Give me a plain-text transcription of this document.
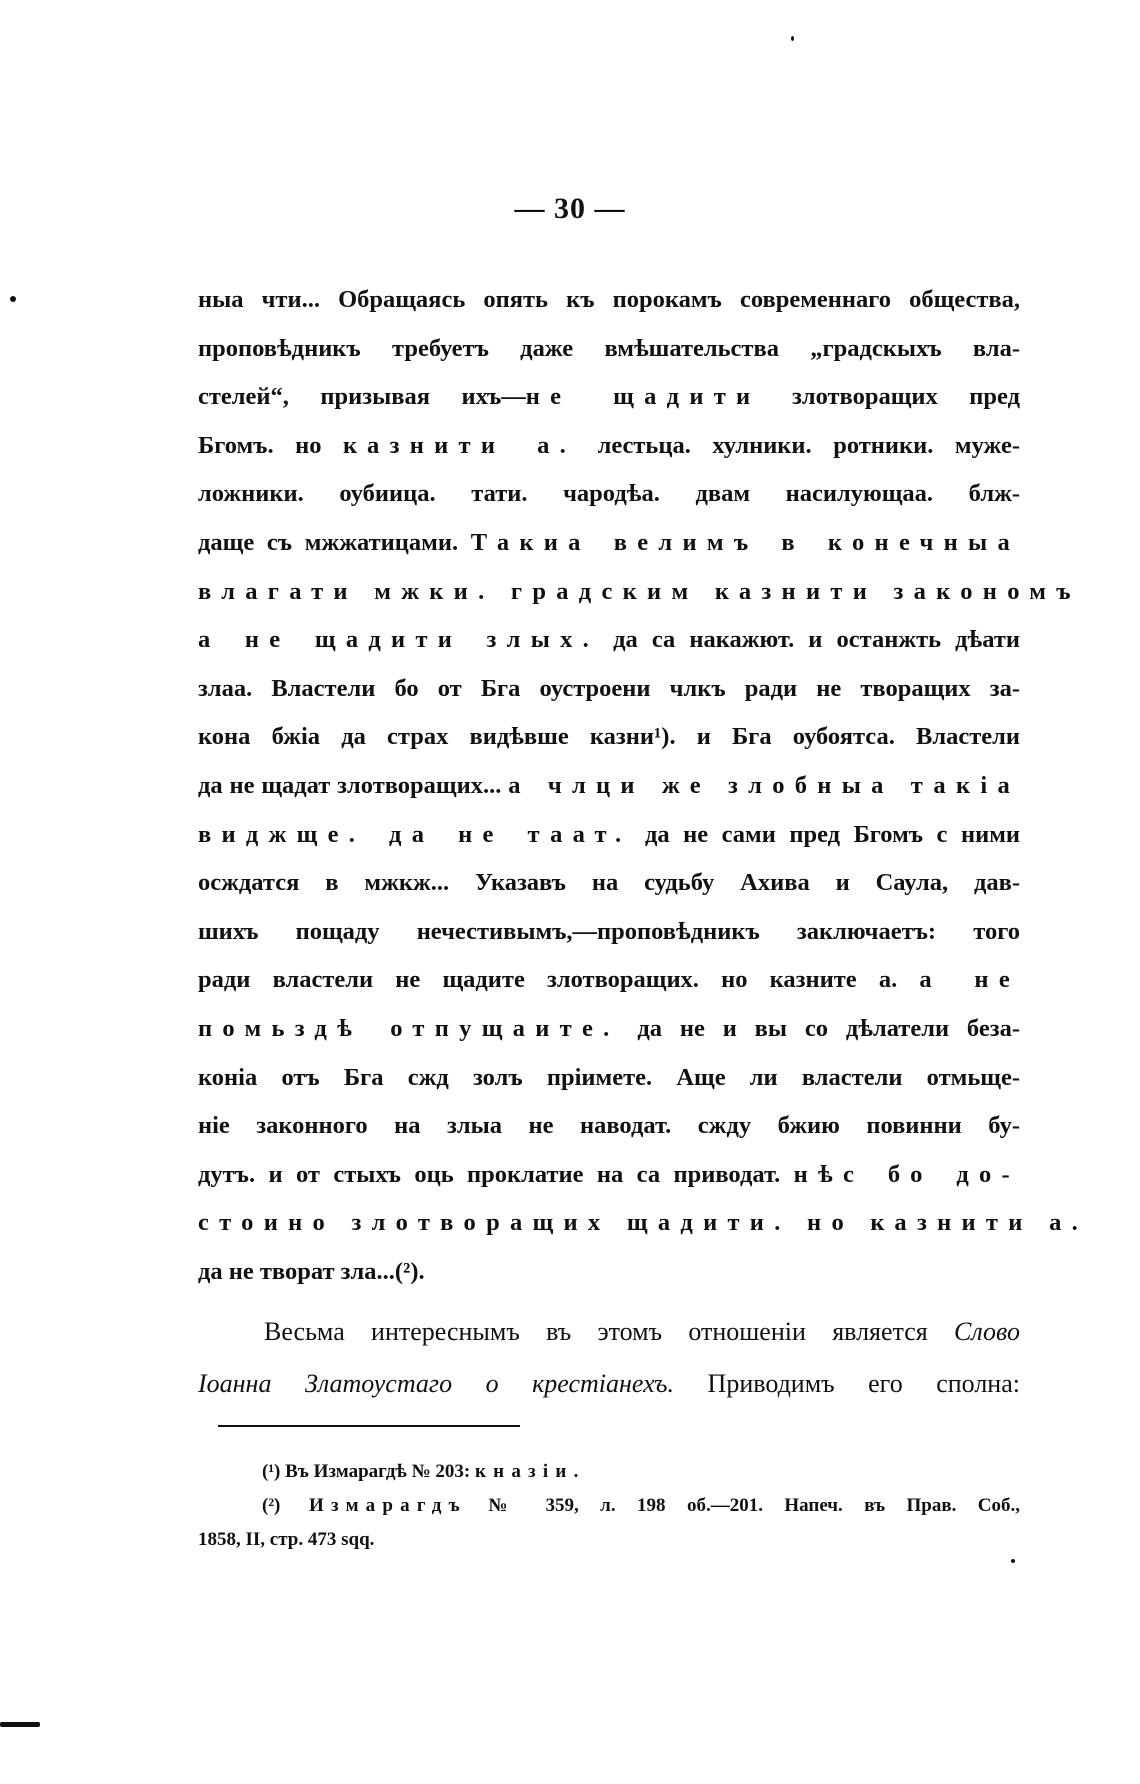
— 30 —
ныа чти... Обращаясь опять къ порокамъ современнаго общества,
проповѣдникъ требуетъ даже вмѣшательства „градскыхъ вла-
стелей“, призывая ихъ—не щадити злотворащих пред
Бгомъ. но казнити а. лестьца. хулники. ротники. муже-
ложники. оубиица. тати. чародѣа. двам насилующаа. блж-
даще съ мжжатицами. Такиа велимъ в конечныа
влагати мжки. градским казнити закономъ
а не щадити злых. да са накажют. и останжть дѣати
злаа. Властели бо от Бга оустроени члкъ ради не творащих за-
кона бжіа да страх видѣвше казни¹). и Бга оубоятса. Властели
да не щадат злотворащих... а члци же злобныа такіа
виджще. да не таат. да не сами пред Бгомъ с ними
осждатся в мжкж... Указавъ на судьбу Ахива и Саула, дав-
шихъ пощаду нечестивымъ,—проповѣдникъ заключаетъ: того
ради властели не щадите злотворащих. но казните а. а не
помьздѣ отпущаите. да не и вы со дѣлатели безa-
коніа отъ Бга сжд золъ пріимете. Аще ли властели отмьще-
ніе законного на злыа не наводат. сжду бжию повинни бу-
дутъ. и от стыхъ оць проклатие на са приводат. нѣс бо до-
стоино злотворащих щадити. но казнити а.
да не творат зла...(²).
Весьма интереснымъ въ этомъ отношеніи является Слово
Іоанна Златоустаго о крестіанехъ. Приводимъ его сполна:
(¹) Въ Измарагдѣ № 203: кназіи.
(²) Измарагдъ № 359, л. 198 об.—201. Напеч. въ Прав. Соб.,
1858, II, стр. 473 sqq.
